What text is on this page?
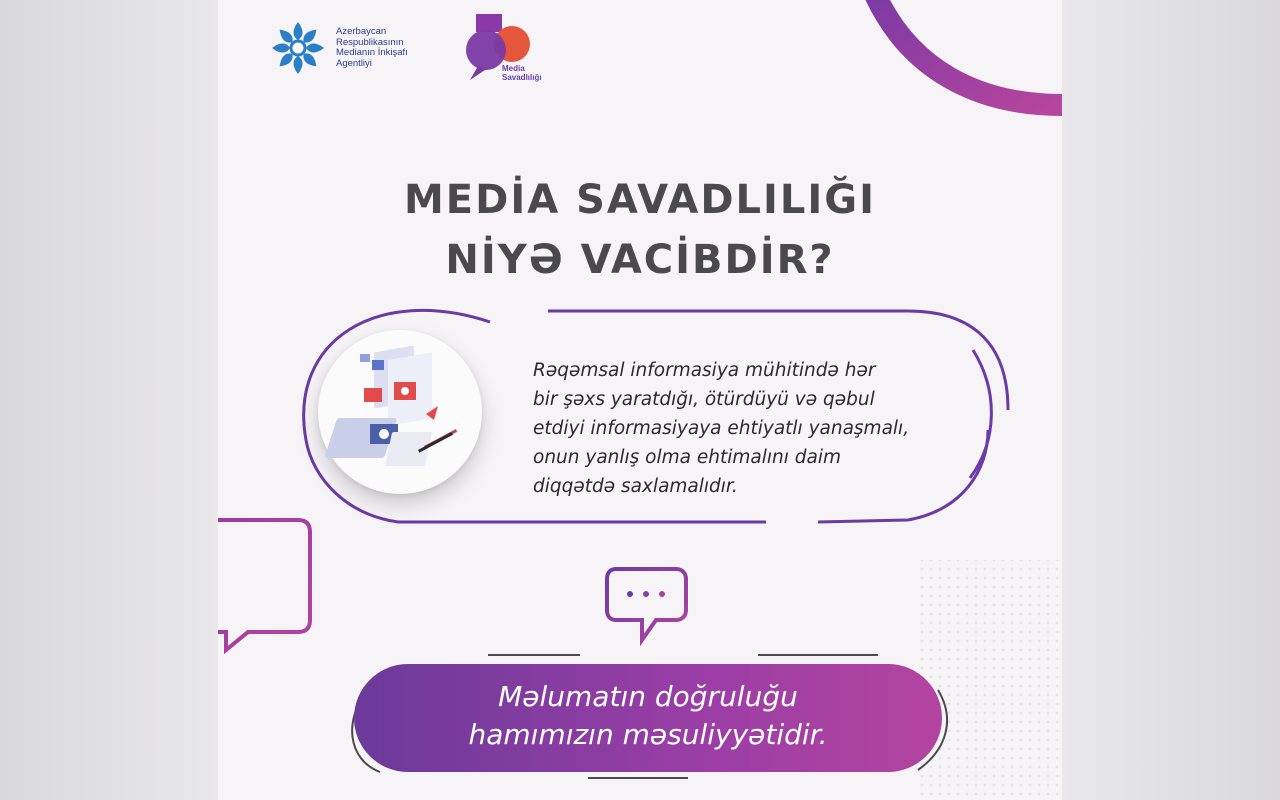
Azerbaycan
Respublikasının
Medianın İnkişafı
Agentliyi	Media
Savadlılığı
MEDİA SAVADLILIĞI
NİYƏ VACİBDİR?
Rəqəmsal informasiya mühitində hər
bir şəxs yaratdığı, ötürdüyü və qəbul
etdiyi informasiyaya ehtiyatlı yanaşmalı,
onun yanlış olma ehtimalını daim
diqqətdə saxlamalıdır.
Məlumatın doğruluğu
hamımızın məsuliyyətidir.
